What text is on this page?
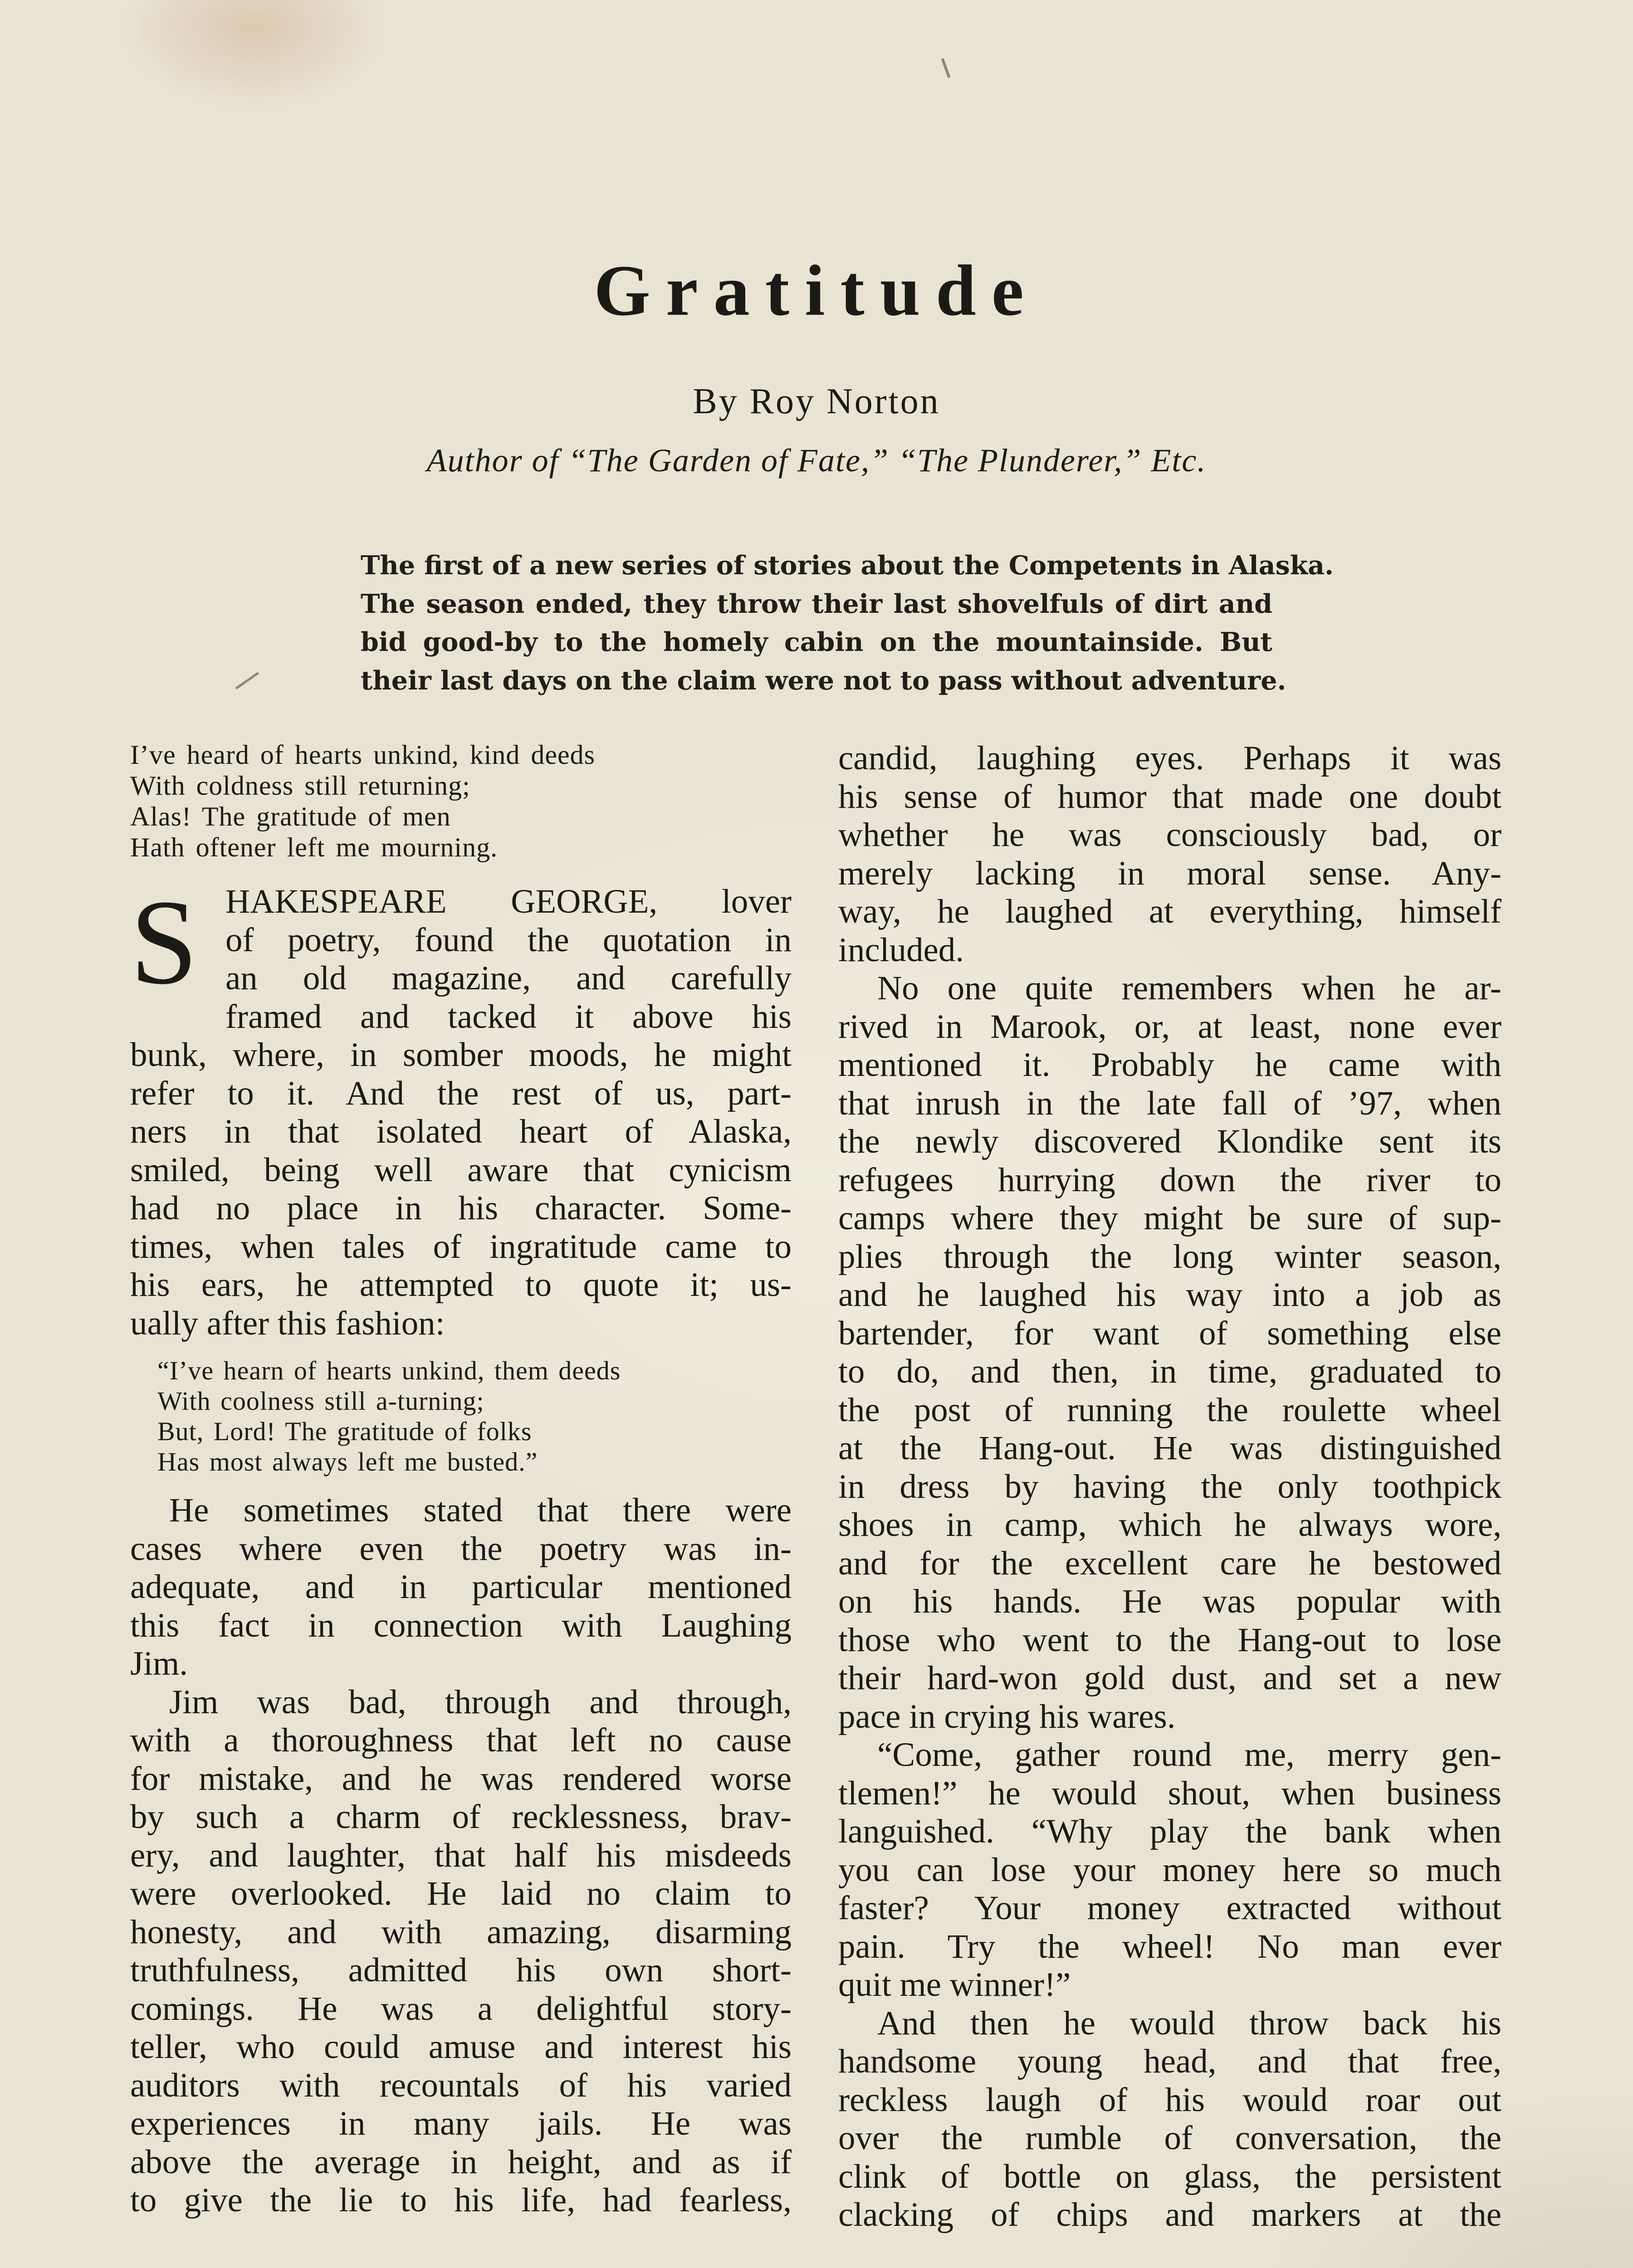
Gratitude
By Roy Norton
Author of “The Garden of Fate,” “The Plunderer,” Etc.
The first of a new series of stories about the Competents in Alaska.
The season ended, they throw their last shovelfuls of dirt and
bid good-by to the homely cabin on the mountainside. But
their last days on the claim were not to pass without adventure.
I’ve heard of hearts unkind, kind deeds
With coldness still returning;
Alas! The gratitude of men
Hath oftener left me mourning.
S HAKESPEARE GEORGE, lover
of poetry, found the quotation in
an old magazine, and carefully
framed and tacked it above his
bunk, where, in somber moods, he might
refer to it. And the rest of us, part-
ners in that isolated heart of Alaska,
smiled, being well aware that cynicism
had no place in his character. Some-
times, when tales of ingratitude came to
his ears, he attempted to quote it; us-
ually after this fashion:
“I’ve hearn of hearts unkind, them deeds
With coolness still a-turning;
But, Lord! The gratitude of folks
Has most always left me busted.”
He sometimes stated that there were
cases where even the poetry was in-
adequate, and in particular mentioned
this fact in connection with Laughing
Jim.
Jim was bad, through and through,
with a thoroughness that left no cause
for mistake, and he was rendered worse
by such a charm of recklessness, brav-
ery, and laughter, that half his misdeeds
were overlooked. He laid no claim to
honesty, and with amazing, disarming
truthfulness, admitted his own short-
comings. He was a delightful story-
teller, who could amuse and interest his
auditors with recountals of his varied
experiences in many jails. He was
above the average in height, and as if
to give the lie to his life, had fearless,
candid, laughing eyes. Perhaps it was
his sense of humor that made one doubt
whether he was consciously bad, or
merely lacking in moral sense. Any-
way, he laughed at everything, himself
included.
No one quite remembers when he ar-
rived in Marook, or, at least, none ever
mentioned it. Probably he came with
that inrush in the late fall of ’97, when
the newly discovered Klondike sent its
refugees hurrying down the river to
camps where they might be sure of sup-
plies through the long winter season,
and he laughed his way into a job as
bartender, for want of something else
to do, and then, in time, graduated to
the post of running the roulette wheel
at the Hang-out. He was distinguished
in dress by having the only toothpick
shoes in camp, which he always wore,
and for the excellent care he bestowed
on his hands. He was popular with
those who went to the Hang-out to lose
their hard-won gold dust, and set a new
pace in crying his wares.
“Come, gather round me, merry gen-
tlemen!” he would shout, when business
languished. “Why play the bank when
you can lose your money here so much
faster? Your money extracted without
pain. Try the wheel! No man ever
quit me winner!”
And then he would throw back his
handsome young head, and that free,
reckless laugh of his would roar out
over the rumble of conversation, the
clink of bottle on glass, the persistent
clacking of chips and markers at the
